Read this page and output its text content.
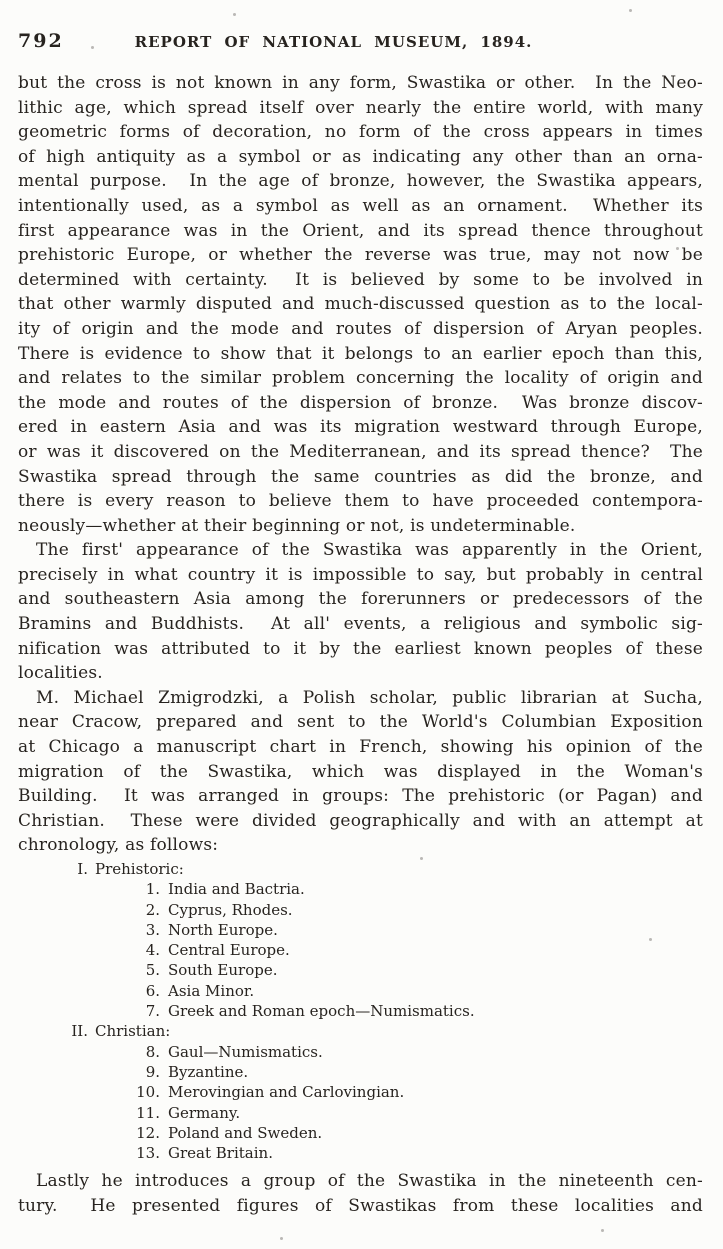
792	REPORT OF NATIONAL MUSEUM, 1894.
but the cross is not known in any form, Swastika or other.  In the Neo-
lithic age, which spread itself over nearly the entire world, with many
geometric forms of decoration, no form of the cross appears in times
of high antiquity as a symbol or as indicating any other than an orna-
mental purpose.  In the age of bronze, however, the Swastika appears,
intentionally used, as a symbol as well as an ornament.  Whether its
first appearance was in the Orient, and its spread thence throughout
prehistoric Europe, or whether the reverse was true, may not now be
determined with certainty.  It is believed by some to be involved in
that other warmly disputed and much-discussed question as to the local-
ity of origin and the mode and routes of dispersion of Aryan peoples.
There is evidence to show that it belongs to an earlier epoch than this,
and relates to the similar problem concerning the locality of origin and
the mode and routes of the dispersion of bronze.  Was bronze discov-
ered in eastern Asia and was its migration westward through Europe,
or was it discovered on the Mediterranean, and its spread thence?  The
Swastika spread through the same countries as did the bronze, and
there is every reason to believe them to have proceeded contempora-
neously—whether at their beginning or not, is undeterminable.
The first' appearance of the Swastika was apparently in the Orient,
precisely in what country it is impossible to say, but probably in central
and southeastern Asia among the forerunners or predecessors of the
Bramins and Buddhists.  At all' events, a religious and symbolic sig-
nification was attributed to it by the earliest known peoples of these
localities.
M. Michael Zmigrodzki, a Polish scholar, public librarian at Sucha,
near Cracow, prepared and sent to the World's Columbian Exposition
at Chicago a manuscript chart in French, showing his opinion of the
migration of the Swastika, which was displayed in the Woman's
Building.  It was arranged in groups: The prehistoric (or Pagan) and
Christian.  These were divided geographically and with an attempt at
chronology, as follows:
I. Prehistoric:
1. India and Bactria.
2. Cyprus, Rhodes.
3. North Europe.
4. Central Europe.
5. South Europe.
6. Asia Minor.
7. Greek and Roman epoch—Numismatics.
II. Christian:
8. Gaul—Numismatics.
9. Byzantine.
10. Merovingian and Carlovingian.
11. Germany.
12. Poland and Sweden.
13. Great Britain.
Lastly he introduces a group of the Swastika in the nineteenth cen-
tury.  He presented figures of Swastikas from these localities and
